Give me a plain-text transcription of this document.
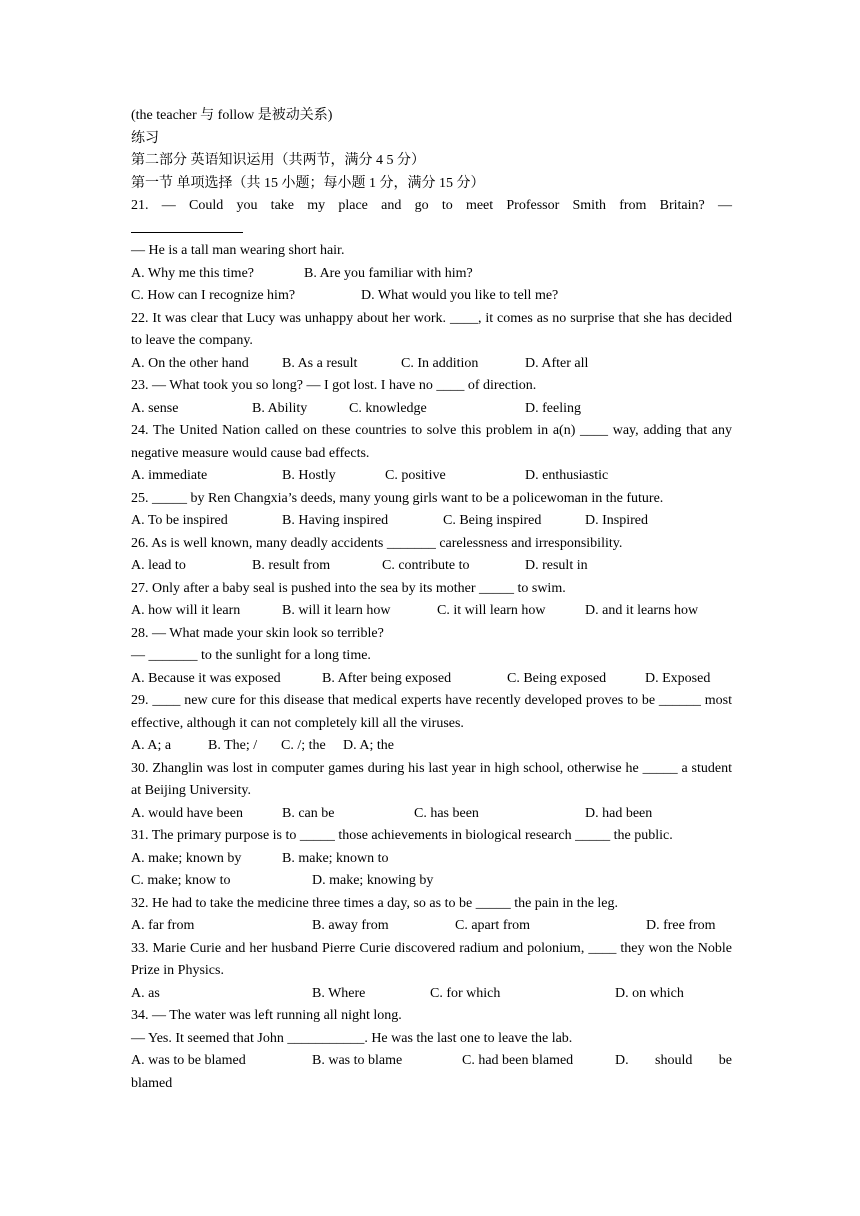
(the teacher 与 follow 是被动关系)
练习
第二部分 英语知识运用（共两节，满分 4 5 分）
第一节 单项选择（共 15 小题；每小题 1 分，满分 15 分）
21. — Could you take my place and go to meet Professor Smith from Britain? —
— He is a tall man wearing short hair.
A. Why me this time?	B. Are you familiar with him?
C. How can I recognize him?	D. What would you like to tell me?
22. It was clear that Lucy was unhappy about her work. ____, it comes as no surprise that she has decided to leave the company.
A. On the other hand	B. As a result	C. In addition	D. After all
23. — What took you so long? — I got lost. I have no ____ of direction.
A. sense	B. Ability	C. knowledge	D. feeling
24. The United Nation called on these countries to solve this problem in a(n) ____ way, adding that any negative measure would cause bad effects.
A. immediate	B. Hostly	C. positive	D. enthusiastic
25. _____ by Ren Changxia’s deeds, many young girls want to be a policewoman in the future.
A. To be inspired	B. Having inspired	C. Being inspired	D. Inspired
26. As is well known, many deadly accidents _______ carelessness and irresponsibility.
A. lead to	B. result from	C. contribute to	D. result in
27. Only after a baby seal is pushed into the sea by its mother _____ to swim.
A. how will it learn	B. will it learn how	C. it will learn how	D. and it learns how
28. — What made your skin look so terrible?
— _______ to the sunlight for a long time.
A. Because it was exposed	B. After being exposed	C. Being exposed	D. Exposed
29. ____ new cure for this disease that medical experts have recently developed proves to be ______ most effective, although it can not completely kill all the viruses.
A. A; a	B. The; /	C. /; the	D. A; the
30. Zhanglin was lost in computer games during his last year in high school, otherwise he _____ a student at Beijing University.
A. would have been	B. can be	C. has been	D. had been
31. The primary purpose is to _____ those achievements in biological research _____ the public.
A. make; known by	B. make; known to
C. make; know to	D. make; knowing by
32. He had to take the medicine three times a day, so as to be _____ the pain in the leg.
A. far from	B. away from	C. apart from	D. free from
33. Marie Curie and her husband Pierre Curie discovered radium and polonium, ____ they won the Noble Prize in Physics.
A. as	B. Where	C. for which	D. on which
34. — The water was left running all night long.
— Yes. It seemed that John ___________. He was the last one to leave the lab.
A. was to be blamed	B. was to blame	C. had been blamed	D.      should      be
blamed
